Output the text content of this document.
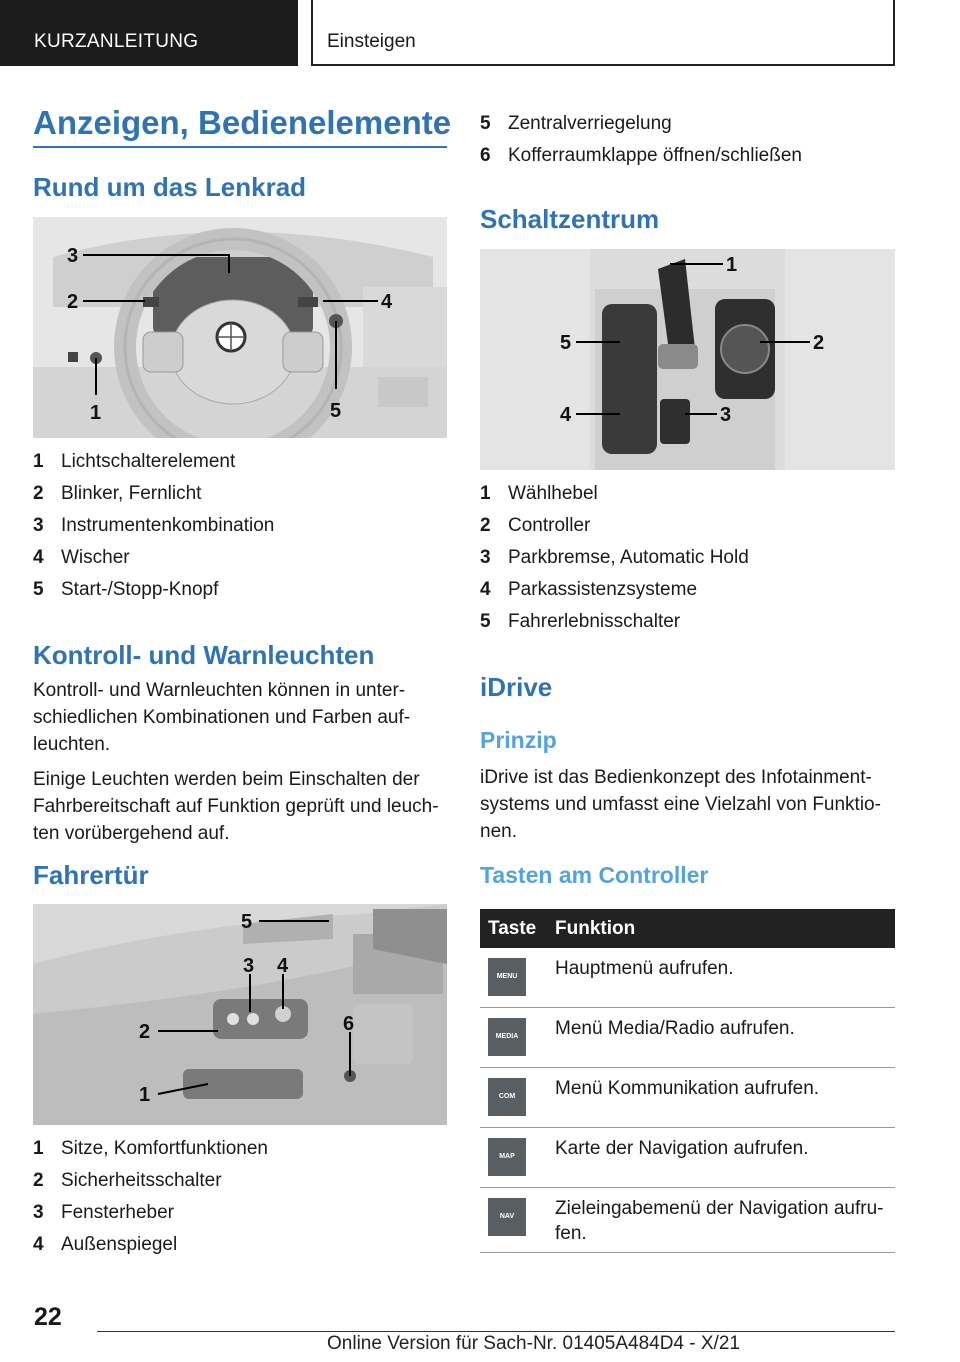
KURZANLEITUNG	Einsteigen
Anzeigen, Bedienelemente
Rund um das Lenkrad
3
2	4
5
1
1 Lichtschalterelement
2 Blinker, Fernlicht
3 Instrumentenkombination
4 Wischer
5 Start-/Stopp-Knopf
Kontroll- und Warnleuchten
Kontroll- und Warnleuchten können in unter-
schiedlichen Kombinationen und Farben auf-
leuchten.
Einige Leuchten werden beim Einschalten der
Fahrbereitschaft auf Funktion geprüft und leuch-
ten vorübergehend auf.
Fahrertür
5
3 4
2	6
1
1 Sitze, Komfortfunktionen
2 Sicherheitsschalter
3 Fensterheber
4 Außenspiegel
5 Zentralverriegelung
6 Kofferraumklappe öffnen/schließen
Schaltzentrum
1
2
3
4
5
1 Wählhebel
2 Controller
3 Parkbremse, Automatic Hold
4 Parkassistenzsysteme
5 Fahrerlebnisschalter
iDrive
Prinzip
iDrive ist das Bedienkonzept des Infotainment-
systems und umfasst eine Vielzahl von Funktio-
nen.
Tasten am Controller
Taste Funktion
MENU	Hauptmenü aufrufen.
MEDIA	Menü Media/Radio aufrufen.
COM	Menü Kommunikation aufrufen.
MAP	Karte der Navigation aufrufen.
NAV	Zieleingabemenü der Navigation aufru-
fen.
22
Online Version für Sach-Nr. 01405A484D4 - X/21
